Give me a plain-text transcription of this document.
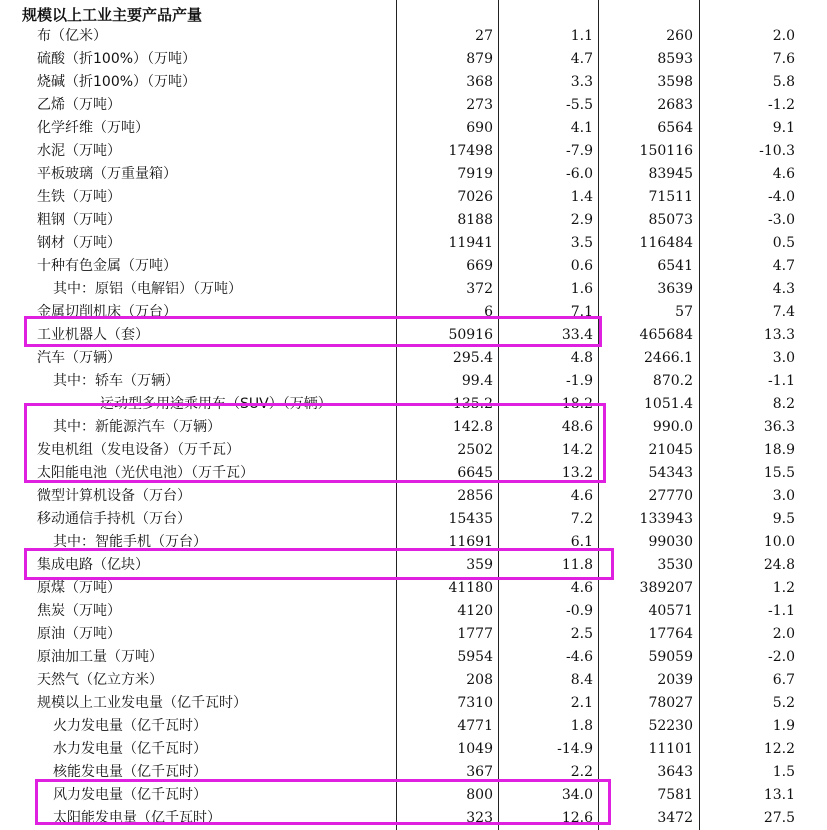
规模以上工业主要产品产量
布（亿米）	27	1.1	260	2.0
硫酸（折100%）（万吨）	879	4.7	8593	7.6
烧碱（折100%）（万吨）	368	3.3	3598	5.8
乙烯（万吨）	273	-5.5	2683	-1.2
化学纤维（万吨）	690	4.1	6564	9.1
水泥（万吨）	17498	-7.9	150116	-10.3
平板玻璃（万重量箱）	7919	-6.0	83945	4.6
生铁（万吨）	7026	1.4	71511	-4.0
粗钢（万吨）	8188	2.9	85073	-3.0
钢材（万吨）	11941	3.5	116484	0.5
十种有色金属（万吨）	669	0.6	6541	4.7
其中：原铝（电解铝）（万吨）	372	1.6	3639	4.3
金属切削机床（万台）	6	7.1	57	7.4
工业机器人（套）	50916	33.4	465684	13.3
汽车（万辆）	295.4	4.8	2466.1	3.0
其中：轿车（万辆）	99.4	-1.9	870.2	-1.1
运动型多用途乘用车（SUV）（万辆）	135.2	18.2	1051.4	8.2
其中：新能源汽车（万辆）	142.8	48.6	990.0	36.3
发电机组（发电设备）（万千瓦）	2502	14.2	21045	18.9
太阳能电池（光伏电池）（万千瓦）	6645	13.2	54343	15.5
微型计算机设备（万台）	2856	4.6	27770	3.0
移动通信手持机（万台）	15435	7.2	133943	9.5
其中：智能手机（万台）	11691	6.1	99030	10.0
集成电路（亿块）	359	11.8	3530	24.8
原煤（万吨）	41180	4.6	389207	1.2
焦炭（万吨）	4120	-0.9	40571	-1.1
原油（万吨）	1777	2.5	17764	2.0
原油加工量（万吨）	5954	-4.6	59059	-2.0
天然气（亿立方米）	208	8.4	2039	6.7
规模以上工业发电量（亿千瓦时）	7310	2.1	78027	5.2
火力发电量（亿千瓦时）	4771	1.8	52230	1.9
水力发电量（亿千瓦时）	1049	-14.9	11101	12.2
核能发电量（亿千瓦时）	367	2.2	3643	1.5
风力发电量（亿千瓦时）	800	34.0	7581	13.1
太阳能发电量（亿千瓦时）	323	12.6	3472	27.5
